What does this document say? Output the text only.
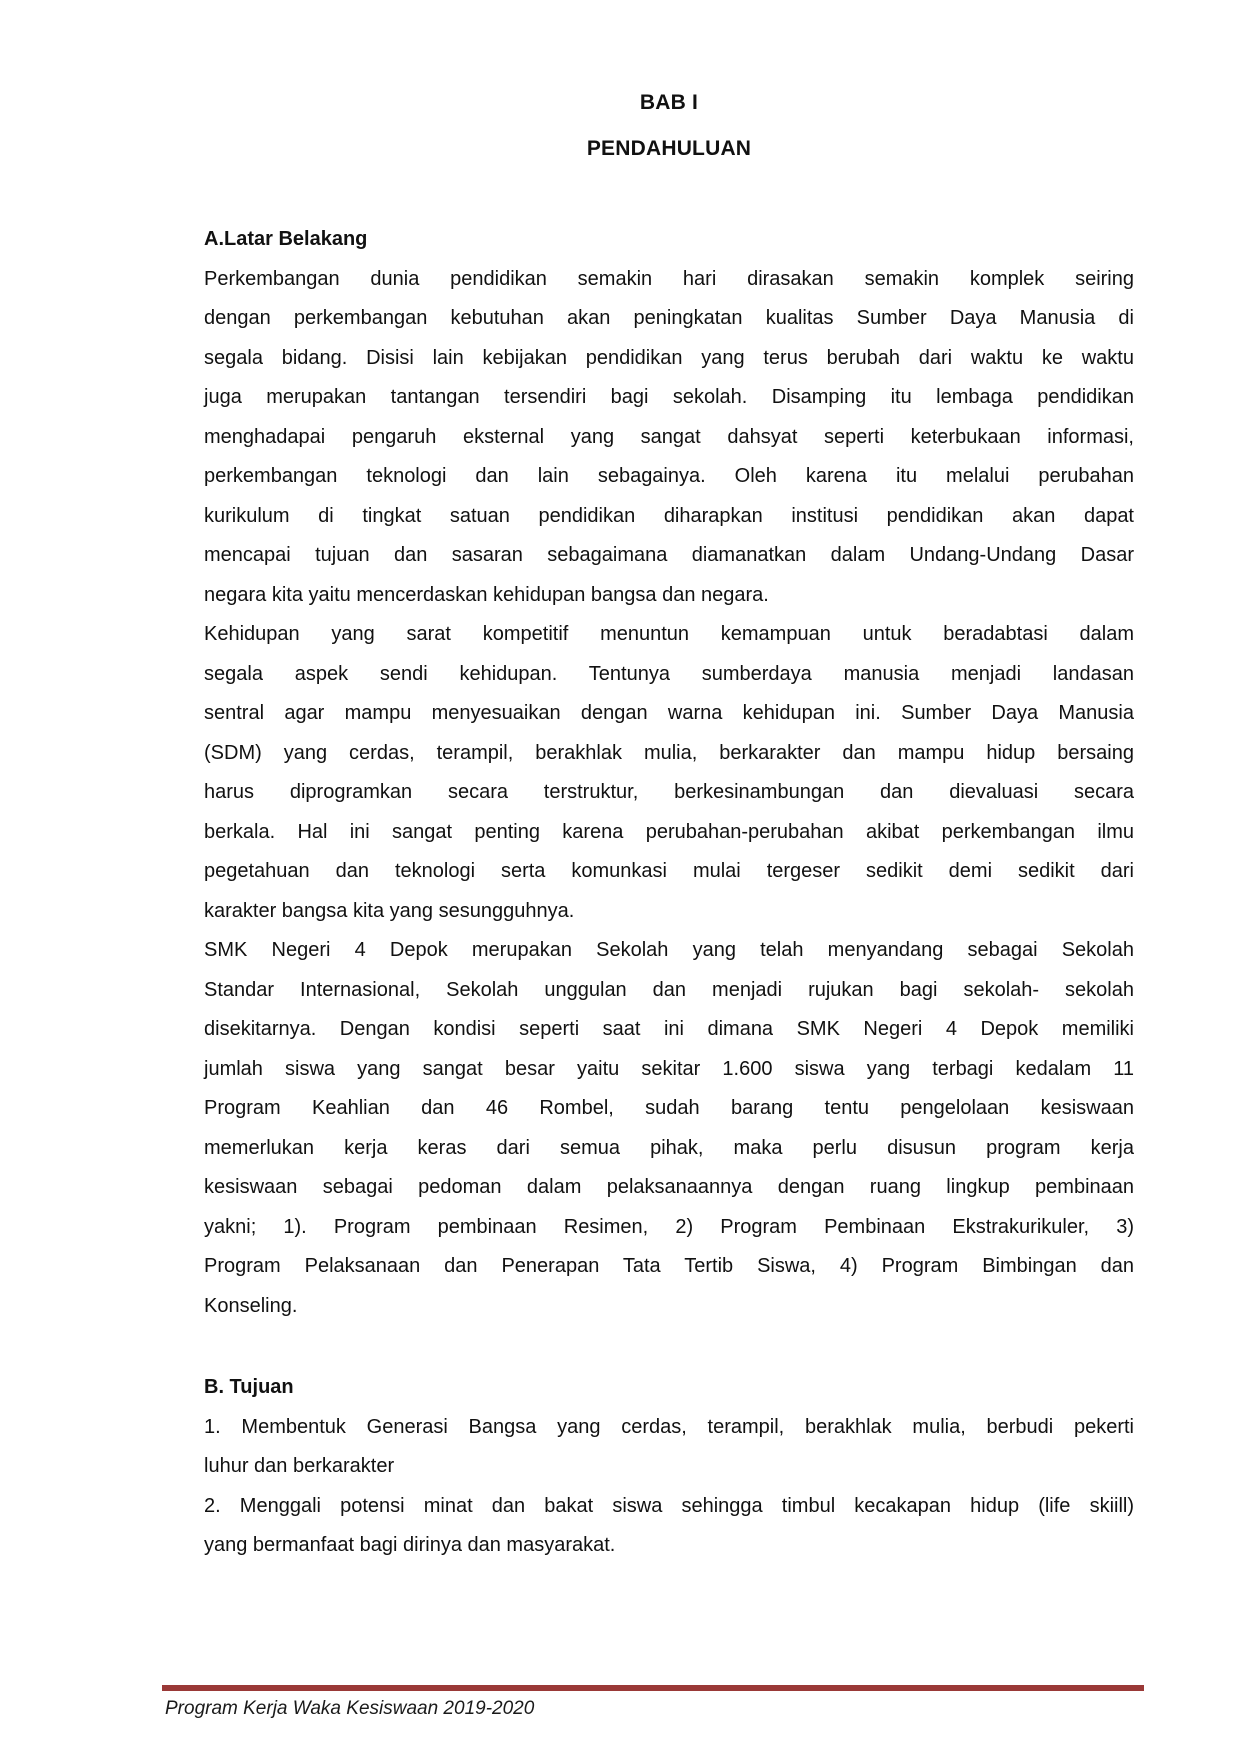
BAB I
PENDAHULUAN
A.Latar Belakang
Perkembangan dunia pendidikan semakin hari dirasakan semakin komplek seiring
dengan perkembangan kebutuhan akan peningkatan kualitas Sumber Daya Manusia di
segala bidang. Disisi lain kebijakan pendidikan yang terus berubah dari waktu ke waktu
juga merupakan tantangan tersendiri bagi sekolah. Disamping itu lembaga pendidikan
menghadapai pengaruh eksternal yang sangat dahsyat seperti keterbukaan informasi,
perkembangan teknologi dan lain sebagainya. Oleh karena itu melalui perubahan
kurikulum di tingkat satuan pendidikan diharapkan institusi pendidikan akan dapat
mencapai tujuan dan sasaran sebagaimana diamanatkan dalam Undang-Undang Dasar
negara kita yaitu mencerdaskan kehidupan bangsa dan negara.
Kehidupan yang sarat kompetitif menuntun kemampuan untuk beradabtasi dalam
segala aspek sendi kehidupan. Tentunya sumberdaya manusia menjadi landasan
sentral agar mampu menyesuaikan dengan warna kehidupan ini. Sumber Daya Manusia
(SDM) yang cerdas, terampil, berakhlak mulia, berkarakter dan mampu hidup bersaing
harus diprogramkan secara terstruktur, berkesinambungan dan dievaluasi secara
berkala. Hal ini sangat penting karena perubahan-perubahan akibat perkembangan ilmu
pegetahuan dan teknologi serta komunkasi mulai tergeser sedikit demi sedikit dari
karakter bangsa kita yang sesungguhnya.
SMK Negeri 4 Depok merupakan Sekolah yang telah menyandang sebagai Sekolah
Standar Internasional, Sekolah unggulan dan menjadi rujukan bagi sekolah- sekolah
disekitarnya. Dengan kondisi seperti saat ini dimana SMK Negeri 4 Depok memiliki
jumlah siswa yang sangat besar yaitu sekitar 1.600 siswa yang terbagi kedalam 11
Program Keahlian dan 46 Rombel, sudah barang tentu pengelolaan kesiswaan
memerlukan kerja keras dari semua pihak, maka perlu disusun program kerja
kesiswaan sebagai pedoman dalam pelaksanaannya dengan ruang lingkup pembinaan
yakni; 1). Program pembinaan Resimen, 2) Program Pembinaan Ekstrakurikuler, 3)
Program Pelaksanaan dan Penerapan Tata Tertib Siswa, 4) Program Bimbingan dan
Konseling.
B. Tujuan
1. Membentuk Generasi Bangsa yang cerdas, terampil, berakhlak mulia, berbudi pekerti
luhur dan berkarakter
2. Menggali potensi minat dan bakat siswa sehingga timbul kecakapan hidup (life skiill)
yang bermanfaat bagi dirinya dan masyarakat.
Program Kerja Waka Kesiswaan 2019-2020
